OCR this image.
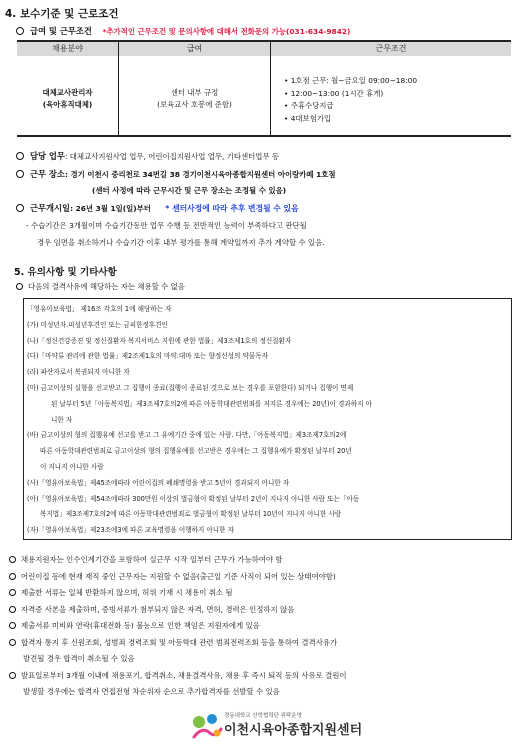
4. 보수기준 및 근로조건
급여 및 근무조건 *추가적인 근무조건 및 문의사항에 대해서 전화문의 가능(031-634-9842)
채용분야	급여	근무조건
대체교사관리자
(육아휴직대체)
센터 내부 규정
(보육교사 호봉에 준함)
• 1호점 근무: 월~금요일 09:00~18:00
• 12:00~13:00 (1시간 휴게)
• 주휴수당지급
• 4대보험가입
담당 업무: 대체교사지원사업 업무, 어린이집지원사업 업무, 기타센터업무 등
근무 장소: 경기 이천시 중리천로 34번길 38 경기이천시육아종합지원센터 아이랑카페 1호점
(센터 사정에 따라 근무시간 및 근무 장소는 조정될 수 있음)
근무개시일: 26년 3월 1일(일)부터 * 센터사정에 따라 추후 변경될 수 있음
- 수습기간은 3개월이며 수습기간동안 업무 수행 등 전반적인 능력이 부족하다고 판단될
경우 임면을 취소하거나 수습기간 이후 내부 평가를 통해 계약일까지 추가 계약할 수 있음.
5. 유의사항 및 기타사항
다음의 결격사유에 해당하는 자는 채용할 수 없음
「영유아보육법」 제16조 각호의 1에 해당하는 자
(가) 미성년자.피성년후견인 또는 금피한정후견인
(나)「정신건강증진 및 정신질환자 복지서비스 지원에 관한 법률」제3조제1호의 정신질환자
(다)「마약류 관리에 관한 법률」제2조제1호의 마약.대마 또는 향정신성의 약물독자
(라) 파산자로서 복권되지 아니한 자
(마) 금고이상의 실형을 선고받고 그 집행이 종료(집행이 종료된 것으로 보는 경우를 포함한다) 되거나 집행이 면제
된 날부터 5년「아동복지법」제3조제7호의2에 따른 아동학대관련범죄를 저지른 경우에는 20년)이 경과하지 아
니한 자
(바) 금고이상의 형의 집행유예 선고를 받고 그 유예기간 중에 있는 사람. 다만,「아동복지법」제3조제7호의2에
따른 아동학대관련범죄로 금고이상의 형의 집행유예를 선고받은 경우에는 그 집행유예가 확정된 날부터 20년
이 지나지 아니한 사람
(사)「영유아보육법」제45조에따라 어린이집의 폐쇄명령을 받고 5년이 경과되지 아니한 자
(아)「영유아보육법」제54조에따라 300만원 이상의 벌금형이 확정된 날부터 2년이 지나지 아니한 사람 또는「아동
복지법」제3조제7호의2에 따른 아동학대관련범죄로 벌금형이 확정된 날부터 10년이 지나지 아니한 사람
(자)「영유아보육법」제23조에3에 따른 교육명령을 이행하지 아니한 자
채용지원자는 인수인계기간을 포함하여 실근무 시작 일부터 근무가 가능하여야 함
어린이집 등에 현재 재직 중인 근무자는 지원할 수 없음(출근일 기준 사직이 되어 있는 상태여야함)
제출한 서류는 일체 반환하지 않으며, 허위 기재 시 채용이 취소 됨
자격증 사본을 제출하며, 증빙서류가 첨부되지 않은 자격, 면허, 경력은 인정하지 않음
제출서류 미비와 연락(휴대전화 등) 불능으로 인한 책임은 지원자에게 있음
합격자 통지 후 신원조회, 성범죄 경력조회 및 아동학대 관련 범죄전력조회 등을 통하여 결격사유가
발견될 경우 합격이 취소될 수 있음
발표일로부터 3개월 이내에 채용포기, 합격취소, 채용결격사유, 채용 후 즉시 퇴직 등의 사유로 결원이
발생할 경우에는 합격자 면접전형 차순위자 순으로 추가합격자를 선발할 수 있음
경동대학교 산학협력단 위탁운영
이천시육아종합지원센터
